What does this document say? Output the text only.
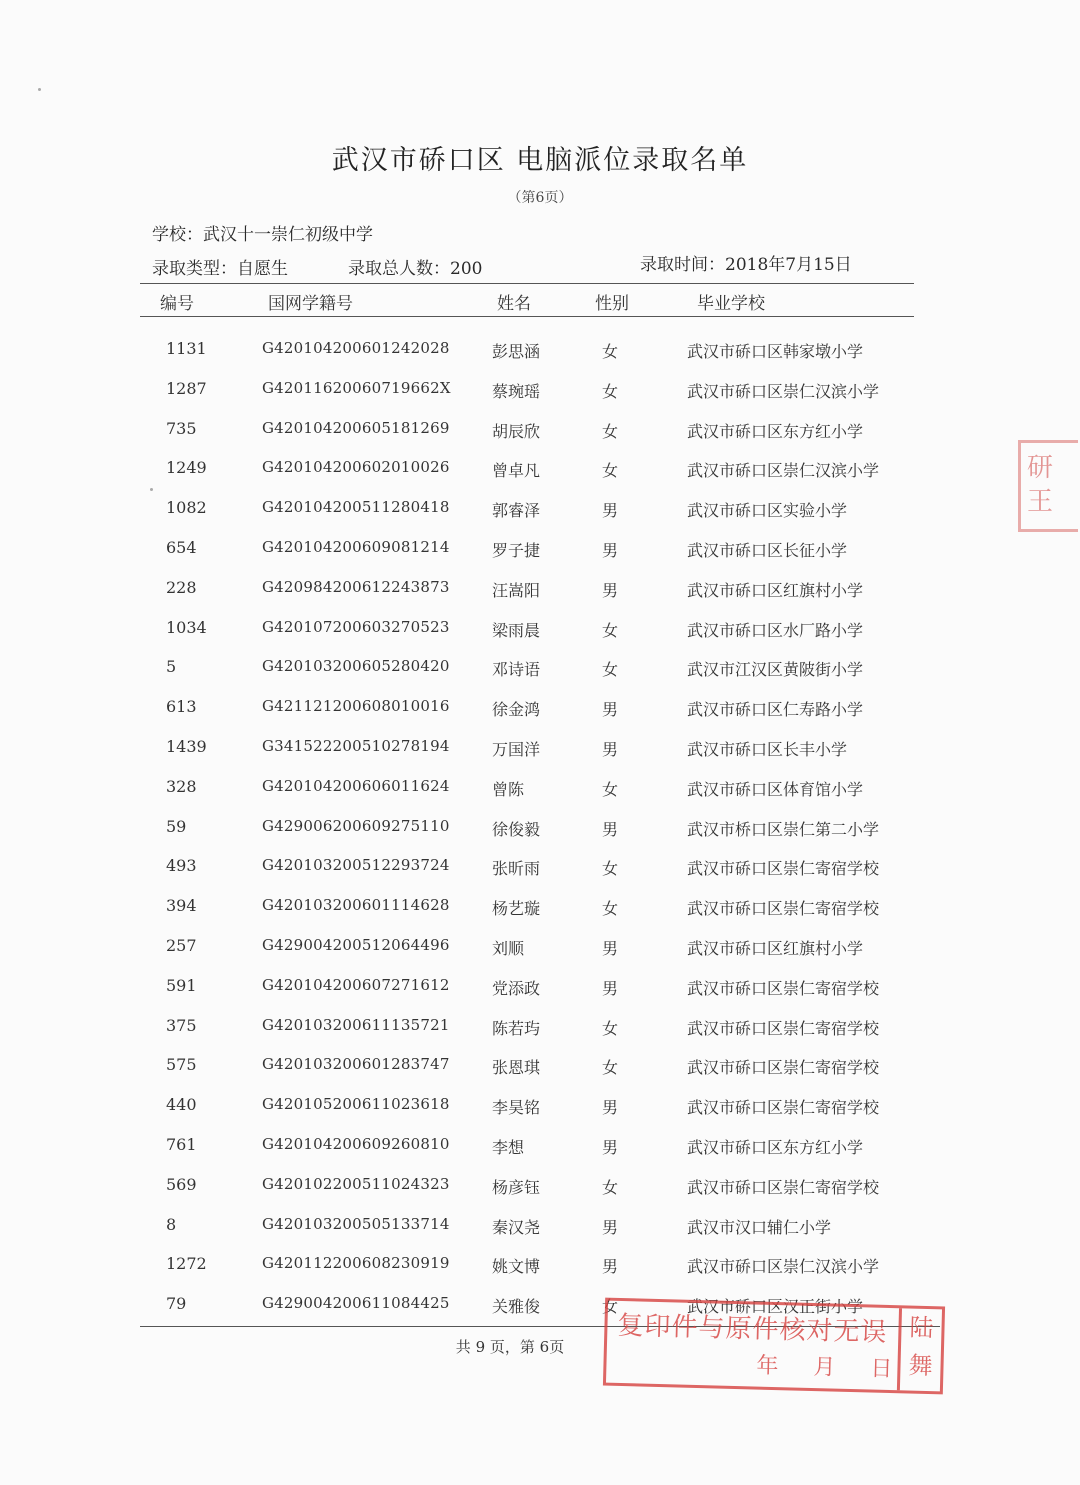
武汉市硚口区 电脑派位录取名单
（第6页）
学校：武汉十一崇仁初级中学
录取类型：自愿生	录取总人数：200	录取时间：2018年7月15日
编号	国网学籍号	姓名	性别	毕业学校
1131	G420104200601242028	彭思涵	女	武汉市硚口区韩家墩小学
1287	G42011620060719662X	蔡琬瑶	女	武汉市硚口区崇仁汉滨小学
735	G420104200605181269	胡辰欣	女	武汉市硚口区东方红小学
1249	G420104200602010026	曾卓凡	女	武汉市硚口区崇仁汉滨小学
1082	G420104200511280418	郭睿泽	男	武汉市硚口区实验小学
654	G420104200609081214	罗子捷	男	武汉市硚口区长征小学
228	G420984200612243873	汪嵩阳	男	武汉市硚口区红旗村小学
1034	G420107200603270523	梁雨晨	女	武汉市硚口区水厂路小学
5	G420103200605280420	邓诗语	女	武汉市江汉区黄陂街小学
613	G421121200608010016	徐金鸿	男	武汉市硚口区仁寿路小学
1439	G341522200510278194	万国洋	男	武汉市硚口区长丰小学
328	G420104200606011624	曾陈	女	武汉市硚口区体育馆小学
59	G429006200609275110	徐俊毅	男	武汉市桥口区崇仁第二小学
493	G420103200512293724	张昕雨	女	武汉市硚口区崇仁寄宿学校
394	G420103200601114628	杨艺璇	女	武汉市硚口区崇仁寄宿学校
257	G429004200512064496	刘顺	男	武汉市硚口区红旗村小学
591	G420104200607271612	党添政	男	武汉市硚口区崇仁寄宿学校
375	G420103200611135721	陈若玙	女	武汉市硚口区崇仁寄宿学校
575	G420103200601283747	张恩琪	女	武汉市硚口区崇仁寄宿学校
440	G420105200611023618	李昊铭	男	武汉市硚口区崇仁寄宿学校
761	G420104200609260810	李想	男	武汉市硚口区东方红小学
569	G420102200511024323	杨彦钰	女	武汉市硚口区崇仁寄宿学校
8	G420103200505133714	秦汉尧	男	武汉市汉口辅仁小学
1272	G420112200608230919	姚文博	男	武汉市硚口区崇仁汉滨小学
79	G429004200611084425	关雅俊	女	武汉市硚口区汉正街小学
共 9 页，第 6页	复印件与原件核对无误
年 月 日
陆舞
研 王
